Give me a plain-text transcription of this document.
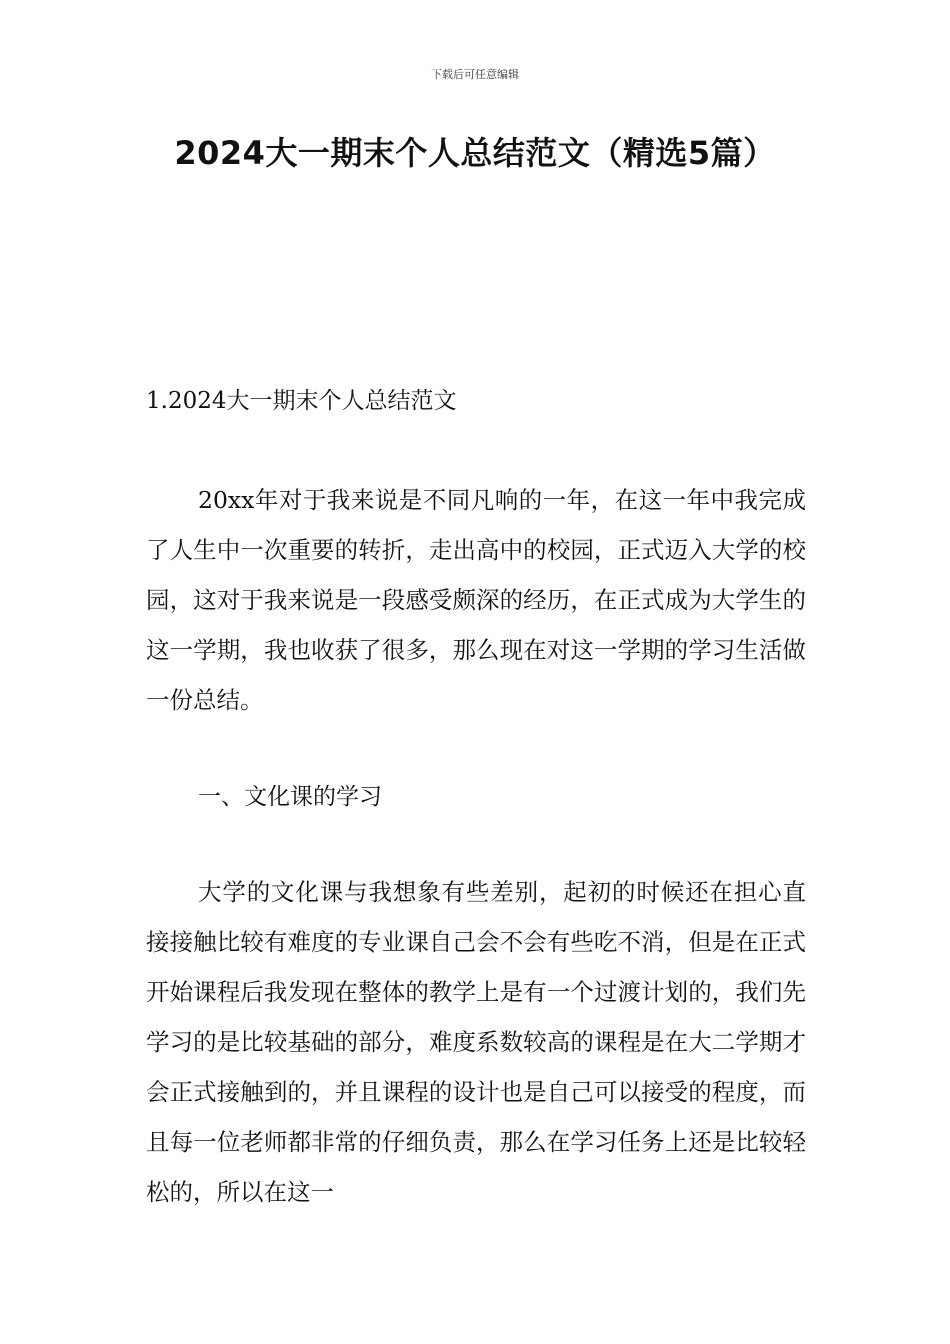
下载后可任意编辑
2024大一期末个人总结范文（精选5篇）
1.2024大一期末个人总结范文
20xx年对于我来说是不同凡响的一年，在这一年中我完成了人生中一次重要的转折，走出高中的校园，正式迈入大学的校园，这对于我来说是一段感受颇深的经历，在正式成为大学生的这一学期，我也收获了很多，那么现在对这一学期的学习生活做一份总结。
一、文化课的学习
大学的文化课与我想象有些差别，起初的时候还在担心直接接触比较有难度的专业课自己会不会有些吃不消，但是在正式开始课程后我发现在整体的教学上是有一个过渡计划的，我们先学习的是比较基础的部分，难度系数较高的课程是在大二学期才会正式接触到的，并且课程的设计也是自己可以接受的程度，而且每一位老师都非常的仔细负责，那么在学习任务上还是比较轻松的，所以在这一
